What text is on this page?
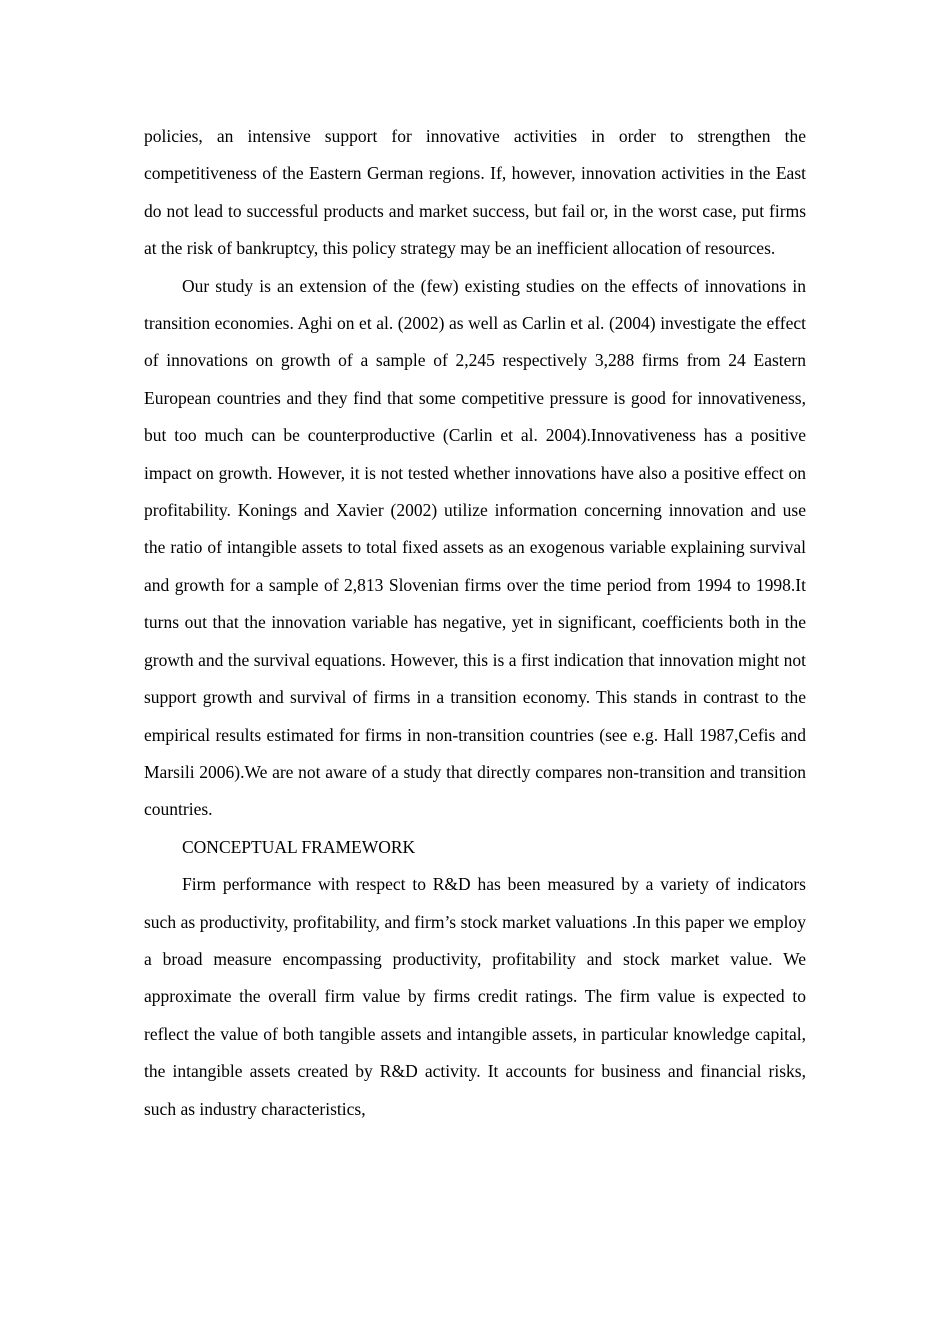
policies, an intensive support for innovative activities in order to strengthen the competitiveness of the Eastern German regions. If, however, innovation activities in the East do not lead to successful products and market success, but fail or, in the worst case, put firms at the risk of bankruptcy, this policy strategy may be an inefficient allocation of resources.

Our study is an extension of the (few) existing studies on the effects of innovations in transition economies. Aghi on et al. (2002) as well as Carlin et al. (2004) investigate the effect of innovations on growth of a sample of 2,245 respectively 3,288 firms from 24 Eastern European countries and they find that some competitive pressure is good for innovativeness, but too much can be counterproductive (Carlin et al. 2004).Innovativeness has a positive impact on growth. However, it is not tested whether innovations have also a positive effect on profitability. Konings and Xavier (2002) utilize information concerning innovation and use the ratio of intangible assets to total fixed assets as an exogenous variable explaining survival and growth for a sample of 2,813 Slovenian firms over the time period from 1994 to 1998.It turns out that the innovation variable has negative, yet in significant, coefficients both in the growth and the survival equations. However, this is a first indication that innovation might not support growth and survival of firms in a transition economy. This stands in contrast to the empirical results estimated for firms in non-transition countries (see e.g. Hall 1987,Cefis and Marsili 2006).We are not aware of a study that directly compares non-transition and transition countries.

CONCEPTUAL FRAMEWORK

Firm performance with respect to R&D has been measured by a variety of indicators such as productivity, profitability, and firm’s stock market valuations .In this paper we employ a broad measure encompassing productivity, profitability and stock market value. We approximate the overall firm value by firms credit ratings. The firm value is expected to reflect the value of both tangible assets and intangible assets, in particular knowledge capital, the intangible assets created by R&D activity. It accounts for business and financial risks, such as industry characteristics,
